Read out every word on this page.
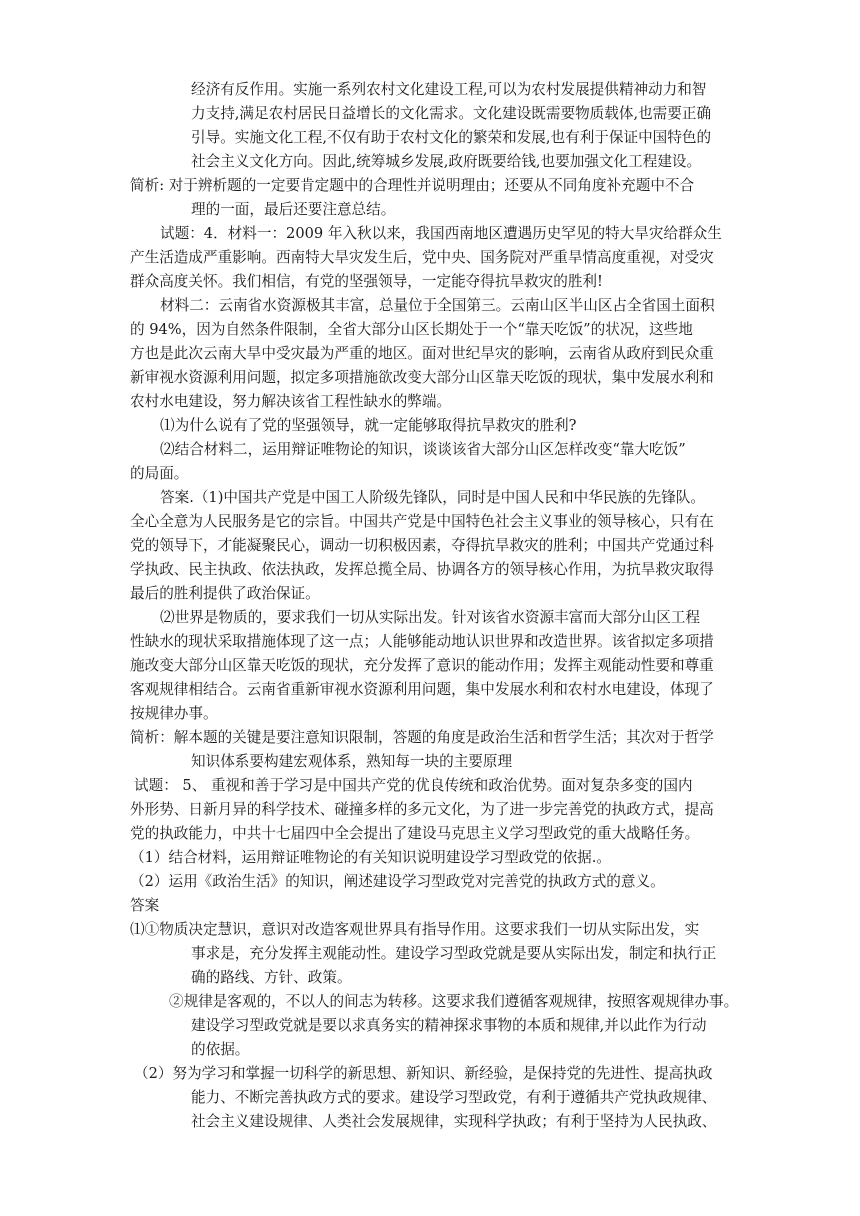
经济有反作用。实施一系列农村文化建设工程,可以为农村发展提供精神动力和智
力支持,满足农村居民日益增长的文化需求。文化建设既需要物质载体,也需要正确
引导。实施文化工程,不仅有助于农村文化的繁荣和发展,也有利于保证中国特色的
社会主义文化方向。因此,统筹城乡发展,政府既要给钱,也要加强文化工程建设。
简析: 对于辨析题的一定要肯定题中的合理性并说明理由；还要从不同角度补充题中不合
理的一面，最后还要注意总结。
试题：4．材料一：2009 年入秋以来，我国西南地区遭遇历史罕见的特大旱灾给群众生
产生活造成严重影响。西南特大旱灾发生后，党中央、国务院对严重旱情高度重视，对受灾
群众高度关怀。我们相信，有党的坚强领导，一定能夺得抗旱救灾的胜利!
材料二：云南省水资源极其丰富，总量位于全国第三。云南山区半山区占全省国土面积
的 94%，因为自然条件限制，全省大部分山区长期处于一个“靠天吃饭”的状况，这些地
方也是此次云南大旱中受灾最为严重的地区。面对世纪旱灾的影响，云南省从政府到民众重
新审视水资源利用问题，拟定多项措施欲改变大部分山区靠天吃饭的现状，集中发展水利和
农村水电建设，努力解决该省工程性缺水的弊端。
⑴为什么说有了党的坚强领导，就一定能够取得抗旱救灾的胜利?
⑵结合材料二，运用辩证唯物论的知识，谈谈该省大部分山区怎样改变“靠大吃饭”
的局面。
答案.（1)中国共产党是中国工人阶级先锋队，同时是中国人民和中华民族的先锋队。
全心全意为人民服务是它的宗旨。中国共产党是中国特色社会主义事业的领导核心，只有在
党的领导下，才能凝聚民心，调动一切积极因素，夺得抗旱救灾的胜利；中国共产党通过科
学执政、民主执政、依法执政，发挥总揽全局、协调各方的领导核心作用，为抗旱救灾取得
最后的胜利提供了政治保证。
⑵世界是物质的，要求我们一切从实际出发。针对该省水资源丰富而大部分山区工程
性缺水的现状采取措施体现了这一点；人能够能动地认识世界和改造世界。该省拟定多项措
施改变大部分山区靠天吃饭的现状，充分发挥了意识的能动作用；发挥主观能动性要和尊重
客观规律相结合。云南省重新审视水资源利用问题，集中发展水利和农村水电建设，体现了
按规律办事。
简析：解本题的关键是要注意知识限制，答题的角度是政治生活和哲学生活；其次对于哲学
知识体系要构建宏观体系，熟知每一块的主要原理
试题： 5、 重视和善于学习是中国共产党的优良传统和政治优势。面对复杂多变的国内
外形势、日新月异的科学技术、碰撞多样的多元文化，为了进一步完善党的执政方式，提高
党的执政能力，中共十七届四中全会提出了建设马克思主义学习型政党的重大战略任务。
（1）结合材料，运用辩证唯物论的有关知识说明建设学习型政党的依据.。
（2）运用《政治生活》的知识，阐述建设学习型政党对完善党的执政方式的意义。
答案
⑴①物质决定慧识，意识对改造客观世界具有指导作用。这要求我们一切从实际出发，实
事求是，充分发挥主观能动性。建设学习型政党就是要从实际出发，制定和执行正
确的路线、方针、政策。
②规律是客观的，不以人的间志为转移。这要求我们遵循客观规律，按照客观规律办事。
建设学习型政党就是要以求真务实的精神探求事物的本质和规律,并以此作为行动
的依据。
（2）努为学习和掌握一切科学的新思想、新知识、新经验，是保持党的先进性、提高执政
能力、不断完善执政方式的要求。建设学习型政党，有利于遵循共产党执政规律、
社会主义建设规律、人类社会发展规律，实现科学执政；有利于坚持为人民执政、
